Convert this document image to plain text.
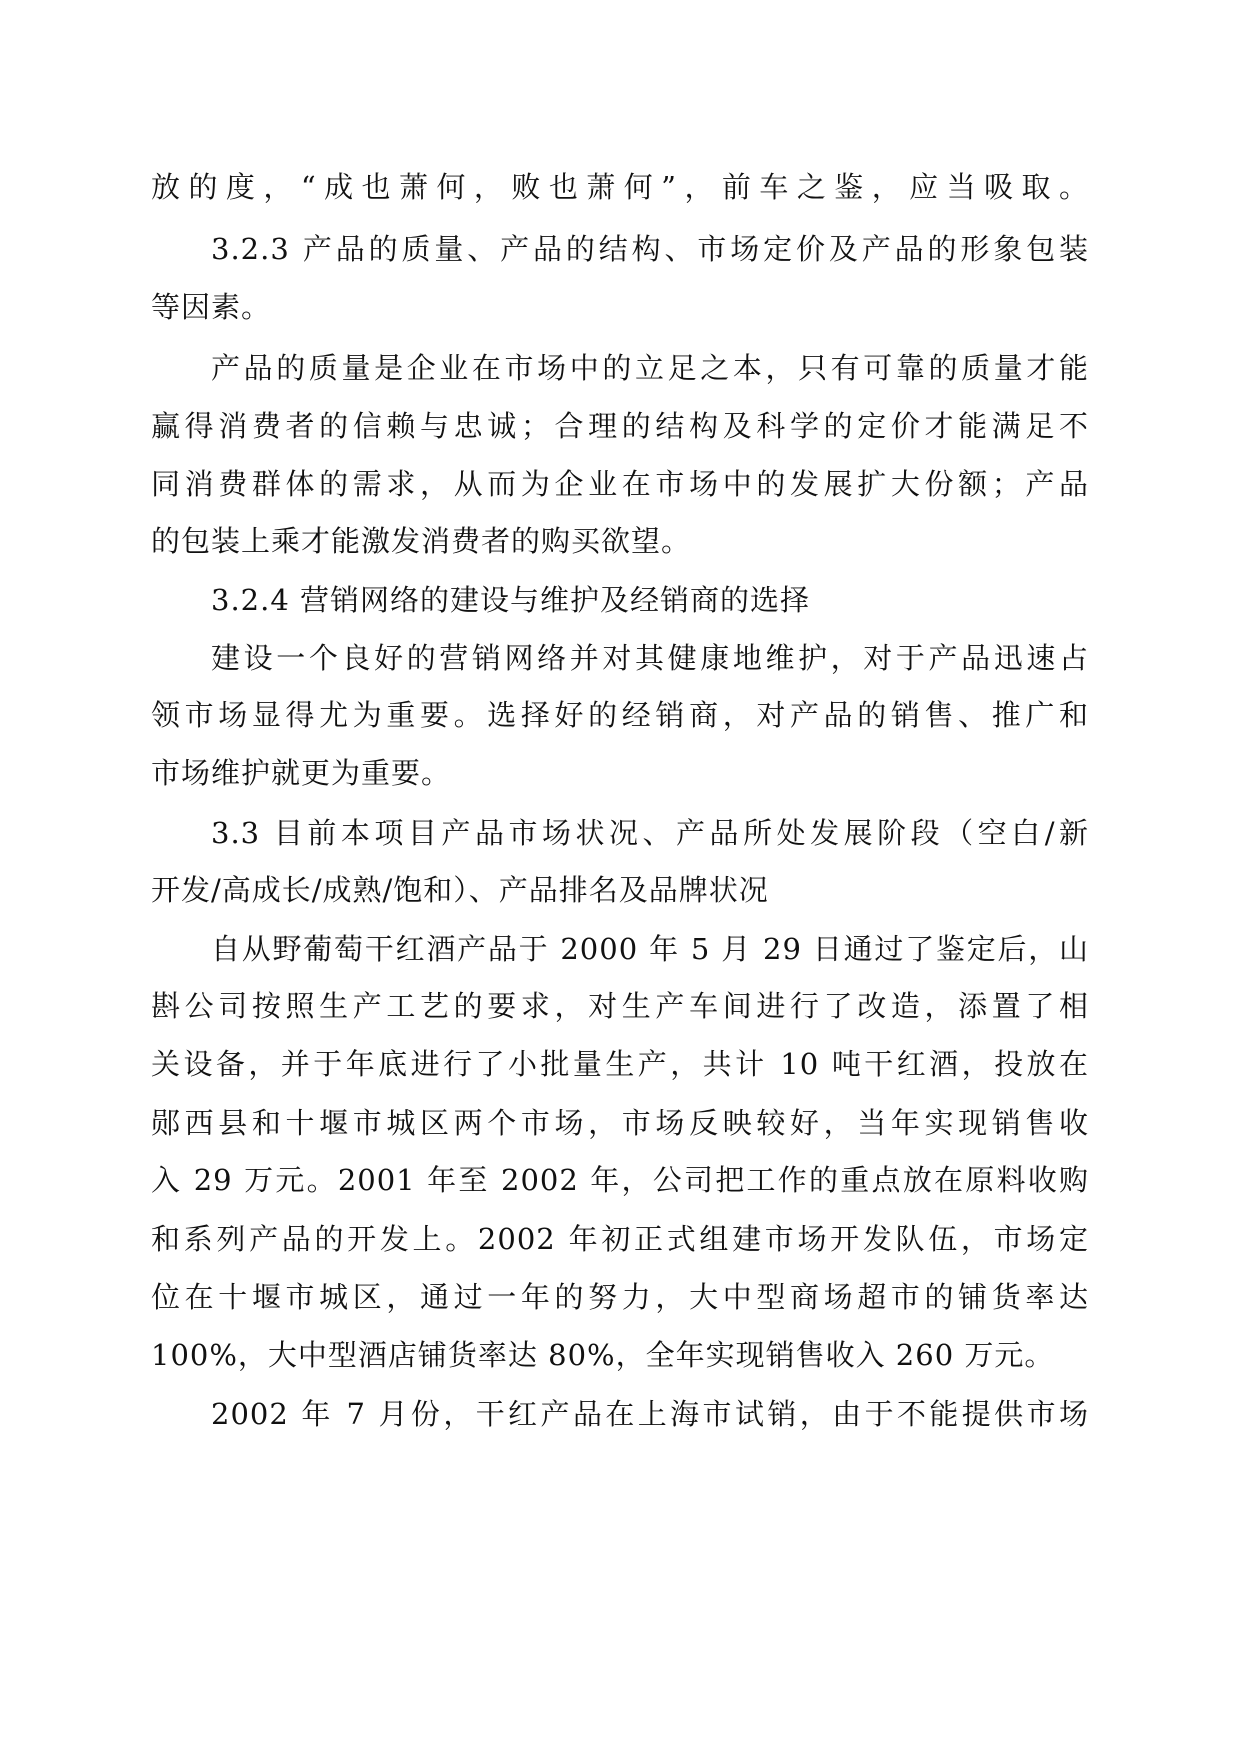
放的度，“成也萧何，败也萧何”，前车之鉴，应当吸取。
3.2.3 产品的质量、产品的结构、市场定价及产品的形象包装
等因素。
产品的质量是企业在市场中的立足之本，只有可靠的质量才能
赢得消费者的信赖与忠诚；合理的结构及科学的定价才能满足不
同消费群体的需求，从而为企业在市场中的发展扩大份额；产品
的包装上乘才能激发消费者的购买欲望。
3.2.4 营销网络的建设与维护及经销商的选择
建设一个良好的营销网络并对其健康地维护，对于产品迅速占
领市场显得尤为重要。选择好的经销商，对产品的销售、推广和
市场维护就更为重要。
3.3 目前本项目产品市场状况、产品所处发展阶段（空白/新
开发/高成长/成熟/饱和）、产品排名及品牌状况
自从野葡萄干红酒产品于 2000 年 5 月 29 日通过了鉴定后，山
斟公司按照生产工艺的要求，对生产车间进行了改造，添置了相
关设备，并于年底进行了小批量生产，共计 10 吨干红酒，投放在
郧西县和十堰市城区两个市场，市场反映较好，当年实现销售收
入 29 万元。2001 年至 2002 年，公司把工作的重点放在原料收购
和系列产品的开发上。2002 年初正式组建市场开发队伍，市场定
位在十堰市城区，通过一年的努力，大中型商场超市的铺货率达
100%，大中型酒店铺货率达 80%，全年实现销售收入 260 万元。
2002 年 7 月份，干红产品在上海市试销，由于不能提供市场
